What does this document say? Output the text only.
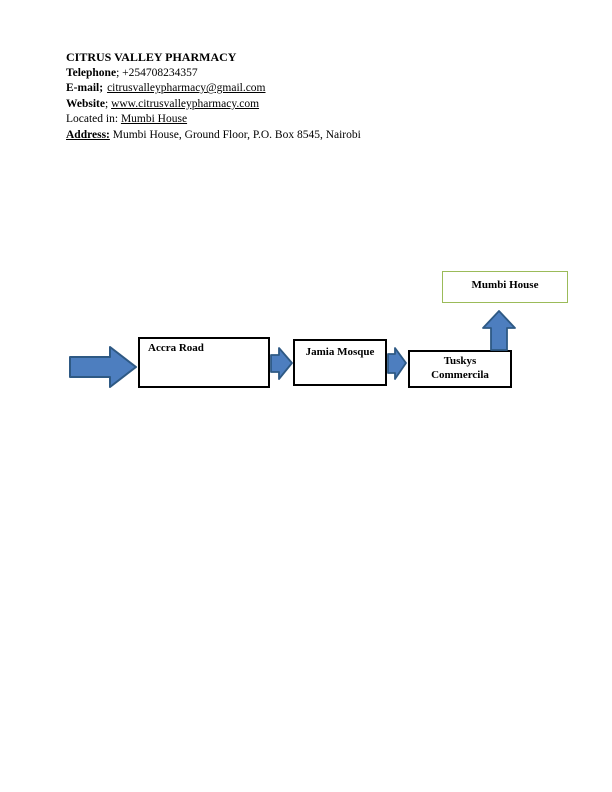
CITRUS VALLEY PHARMACY
Telephone; +254708234357
E-mail; citrusvalleypharmacy@gmail.com
Website; www.citrusvalleypharmacy.com
Located in: Mumbi House
Address: Mumbi House, Ground Floor, P.O. Box 8545, Nairobi
Accra Road	Jamia Mosque
Tuskys
Commercila
Mumbi House
